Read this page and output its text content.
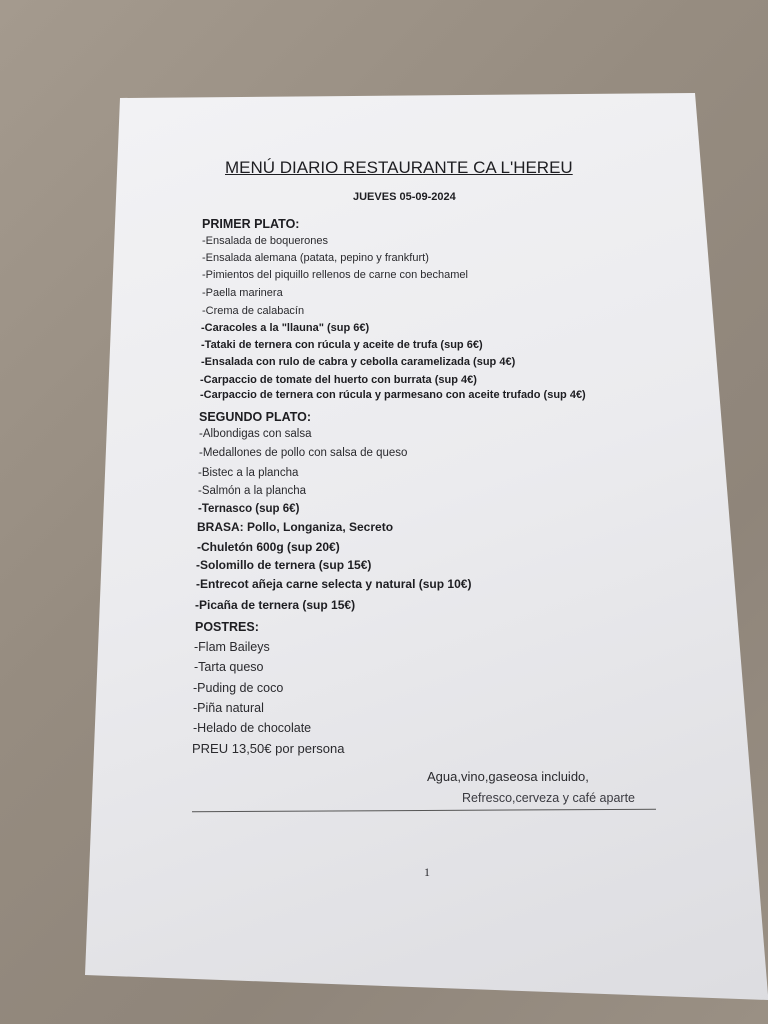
MENÚ DIARIO RESTAURANTE CA L'HEREU
JUEVES 05-09-2024
PRIMER PLATO:
-Ensalada de boquerones
-Ensalada alemana (patata, pepino y frankfurt)
-Pimientos del piquillo rellenos de carne con bechamel
-Paella marinera
-Crema de calabacín
-Caracoles a la "llauna" (sup 6€)
-Tataki de ternera con rúcula y aceite de trufa (sup 6€)
-Ensalada con rulo de cabra y cebolla caramelizada (sup 4€)
-Carpaccio de tomate del huerto con burrata (sup 4€)
-Carpaccio de ternera con rúcula y parmesano con aceite trufado (sup 4€)
SEGUNDO PLATO:
-Albondigas con salsa
-Medallones de pollo con salsa de queso
-Bistec a la plancha
-Salmón a la plancha
-Ternasco (sup 6€)
BRASA: Pollo, Longaniza, Secreto
-Chuletón 600g (sup 20€)
-Solomillo de ternera (sup 15€)
-Entrecot añeja carne selecta y natural (sup 10€)
-Picaña de ternera (sup 15€)
POSTRES:
-Flam Baileys
-Tarta queso
-Puding de coco
-Piña natural
-Helado de chocolate
PREU 13,50€ por persona
Agua,vino,gaseosa incluido,
Refresco,cerveza y café aparte
1
